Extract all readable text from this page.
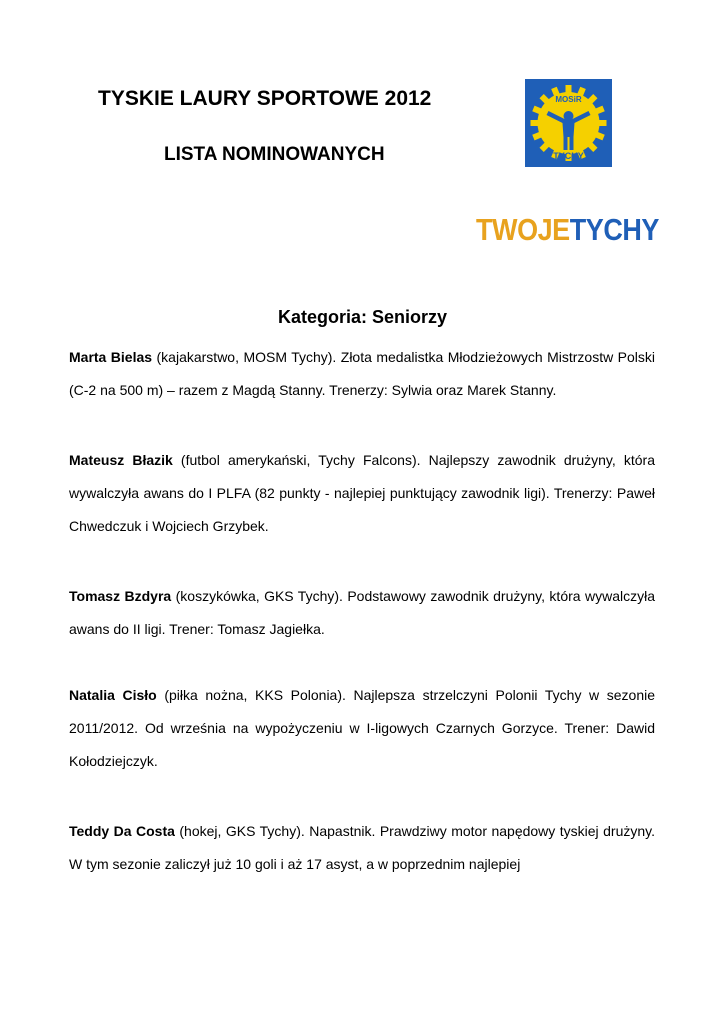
TYSKIE LAURY SPORTOWE 2012
LISTA NOMINOWANYCH
MOSiR
TYCHY
TWOJETYCHY
Kategoria: Seniorzy

Marta Bielas (kajakarstwo, MOSM Tychy). Złota medalistka Młodzieżowych Mistrzostw Polski (C-2 na 500 m) – razem z Magdą Stanny. Trenerzy: Sylwia oraz Marek Stanny.

Mateusz Błazik (futbol amerykański, Tychy Falcons). Najlepszy zawodnik drużyny, która wywalczyła awans do I PLFA (82 punkty - najlepiej punktujący zawodnik ligi). Trenerzy: Paweł Chwedczuk i Wojciech Grzybek.

Tomasz Bzdyra (koszykówka, GKS Tychy). Podstawowy zawodnik drużyny, która wywalczyła awans do II ligi. Trener: Tomasz Jagiełka.

Natalia Cisło (piłka nożna, KKS Polonia). Najlepsza strzelczyni Polonii Tychy w sezonie 2011/2012. Od września na wypożyczeniu w I-ligowych Czarnych Gorzyce. Trener: Dawid Kołodziejczyk.

Teddy Da Costa (hokej, GKS Tychy). Napastnik. Prawdziwy motor napędowy tyskiej drużyny. W tym sezonie zaliczył już 10 goli i aż 17 asyst, a w poprzednim najlepiej
